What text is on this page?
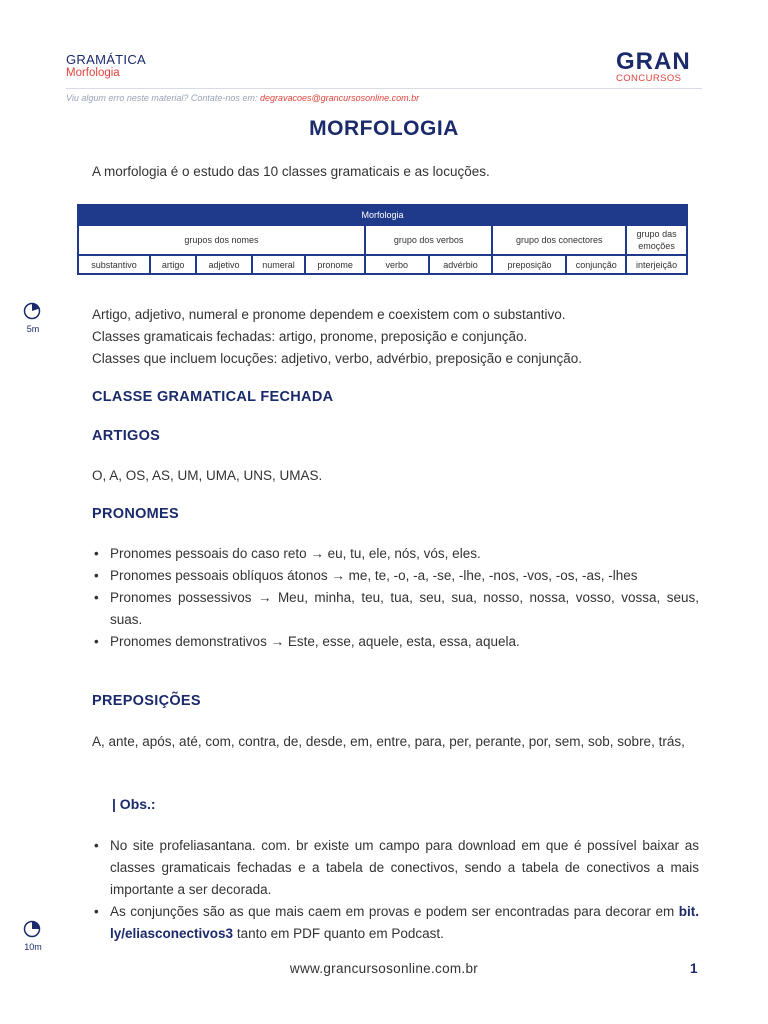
GRAMÁTICA
Morfologia	GRAN
CONCURSOS
Viu algum erro neste material? Contate-nos em: degravacoes@grancursosonline.com.br
MORFOLOGIA
A morfologia é o estudo das 10 classes gramaticais e as locuções.
Morfologia									
grupos dos nomes					grupo dos verbos		grupo dos conectores		grupo das emoções
substantivo	artigo	adjetivo	numeral	pronome	verbo	advérbio	preposição	conjunção	interjeição
5m
Artigo, adjetivo, numeral e pronome dependem e coexistem com o substantivo.
Classes gramaticais fechadas: artigo, pronome, preposição e conjunção.
Classes que incluem locuções: adjetivo, verbo, advérbio, preposição e conjunção.
CLASSE GRAMATICAL FECHADA
ARTIGOS
O, A, OS, AS, UM, UMA, UNS, UMAS.
PRONOMES
• Pronomes pessoais do caso reto → eu, tu, ele, nós, vós, eles.
• Pronomes pessoais oblíquos átonos → me, te, -o, -a, -se, -lhe, -nos, -vos, -os, -as, -lhes
• Pronomes possessivos → Meu, minha, teu, tua, seu, sua, nosso, nossa, vosso, vossa, seus, suas.
• Pronomes demonstrativos → Este, esse, aquele, esta, essa, aquela.
PREPOSIÇÕES
A, ante, após, até, com, contra, de, desde, em, entre, para, per, perante, por, sem, sob, sobre, trás,
| Obs.:
• No site profeliasantana. com. br existe um campo para download em que é possível baixar as classes gramaticais fechadas e a tabela de conectivos, sendo a tabela de conectivos a mais importante a ser decorada.
• As conjunções são as que mais caem em provas e podem ser encontradas para decorar em bit. ly/eliasconectivos3 tanto em PDF quanto em Podcast.
10m
www.grancursosonline.com.br	1
